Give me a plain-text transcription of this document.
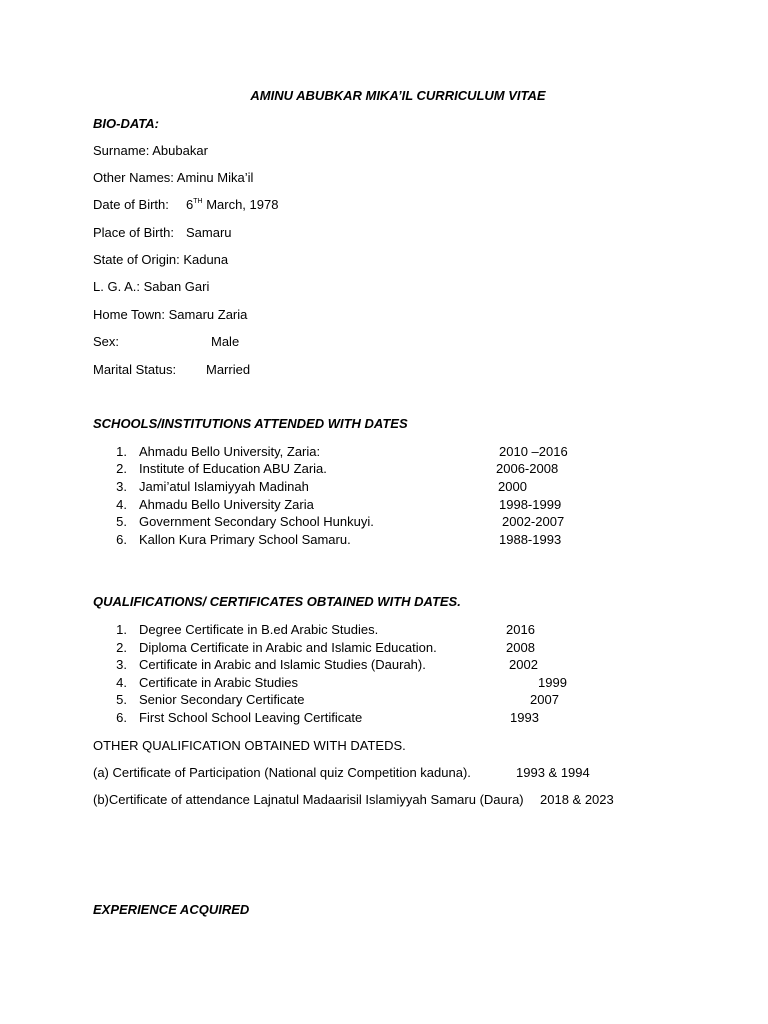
AMINU ABUBKAR MIKA’IL CURRICULUM VITAE
BIO-DATA:
Surname: Abubakar
Other Names: Aminu Mika’il
Date of Birth: 6TH March, 1978
Place of Birth: Samaru
State of Origin: Kaduna
L. G. A.: Saban Gari
Home Town: Samaru Zaria
Sex:	Male
Marital Status: Married
SCHOOLS/INSTITUTIONS ATTENDED WITH DATES
1. Ahmadu Bello University, Zaria:	2010 –2016
2. Institute of Education ABU Zaria.	2006-2008
3. Jami’atul Islamiyyah Madinah	2000
4. Ahmadu Bello University Zaria	1998-1999
5. Government Secondary School Hunkuyi.	2002-2007
6. Kallon Kura Primary School Samaru.	1988-1993
QUALIFICATIONS/ CERTIFICATES OBTAINED WITH DATES.
1. Degree Certificate in B.ed Arabic Studies.	2016
2. Diploma Certificate in Arabic and Islamic Education.	2008
3. Certificate in Arabic and Islamic Studies (Daurah).	2002
4. Certificate in Arabic Studies	1999
5. Senior Secondary Certificate	2007
6. First School School Leaving Certificate	1993
OTHER QUALIFICATION OBTAINED WITH DATEDS.
(a) Certificate of Participation (National quiz Competition kaduna).	1993 & 1994
(b)Certificate of attendance Lajnatul Madaarisil Islamiyyah Samaru (Daura) 2018 & 2023
EXPERIENCE ACQUIRED
